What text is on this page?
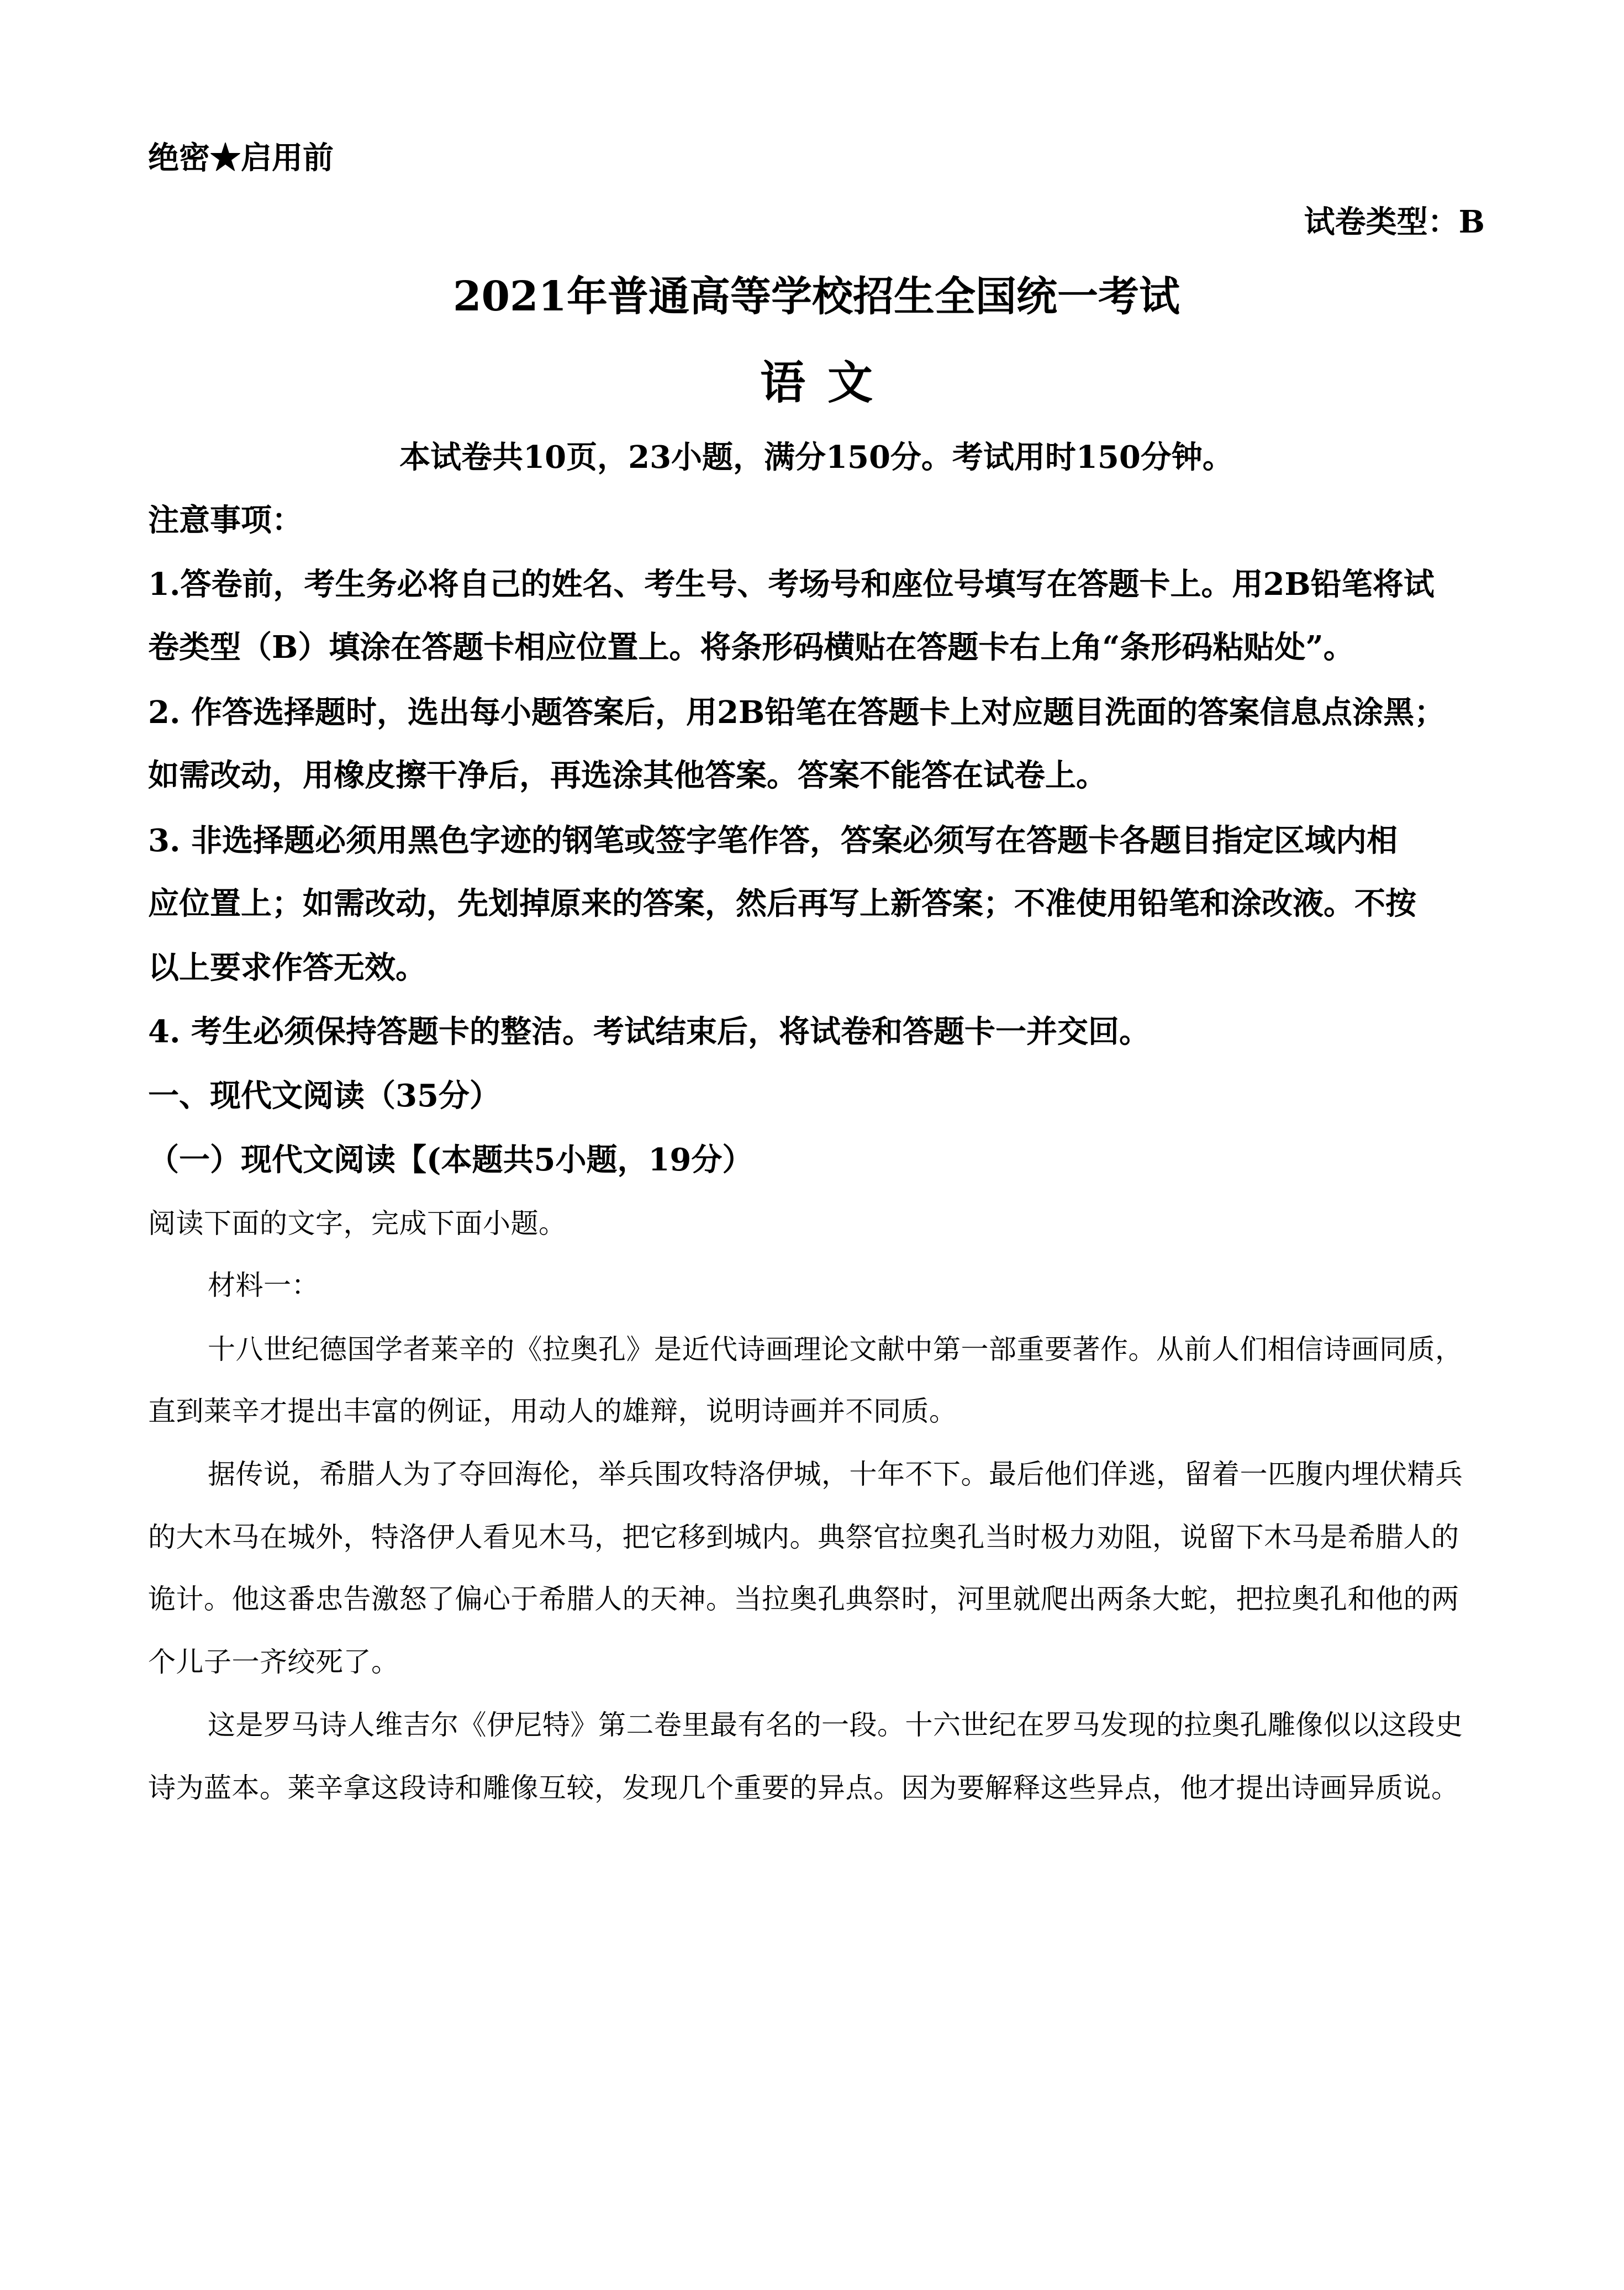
绝密★启用前
试卷类型：B
2021年普通高等学校招生全国统一考试
语文
本试卷共10页，23小题，满分150分。考试用时150分钟。
注意事项：
1.答卷前，考生务必将自己的姓名、考生号、考场号和座位号填写在答题卡上。用2B铅笔将试
卷类型（B）填涂在答题卡相应位置上。将条形码横贴在答题卡右上角“条形码粘贴处”。
2. 作答选择题时，选出每小题答案后，用2B铅笔在答题卡上对应题目洗面的答案信息点涂黑；
如需改动，用橡皮擦干净后，再选涂其他答案。答案不能答在试卷上。
3. 非选择题必须用黑色字迹的钢笔或签字笔作答，答案必须写在答题卡各题目指定区域内相
应位置上；如需改动，先划掉原来的答案，然后再写上新答案；不准使用铅笔和涂改液。不按
以上要求作答无效。
4. 考生必须保持答题卡的整洁。考试结束后，将试卷和答题卡一并交回。
一、现代文阅读（35分）
（一）现代文阅读【(本题共5小题，19分）
阅读下面的文字，完成下面小题。
材料一：
十八世纪德国学者莱辛的《拉奥孔》是近代诗画理论文献中第一部重要著作。从前人们相信诗画同质，
直到莱辛才提出丰富的例证，用动人的雄辩，说明诗画并不同质。
据传说，希腊人为了夺回海伦，举兵围攻特洛伊城，十年不下。最后他们佯逃，留着一匹腹内埋伏精兵
的大木马在城外，特洛伊人看见木马，把它移到城内。典祭官拉奥孔当时极力劝阻，说留下木马是希腊人的
诡计。他这番忠告激怒了偏心于希腊人的天神。当拉奥孔典祭时，河里就爬出两条大蛇，把拉奥孔和他的两
个儿子一齐绞死了。
这是罗马诗人维吉尔《伊尼特》第二卷里最有名的一段。十六世纪在罗马发现的拉奥孔雕像似以这段史
诗为蓝本。莱辛拿这段诗和雕像互较，发现几个重要的异点。因为要解释这些异点，他才提出诗画异质说。
